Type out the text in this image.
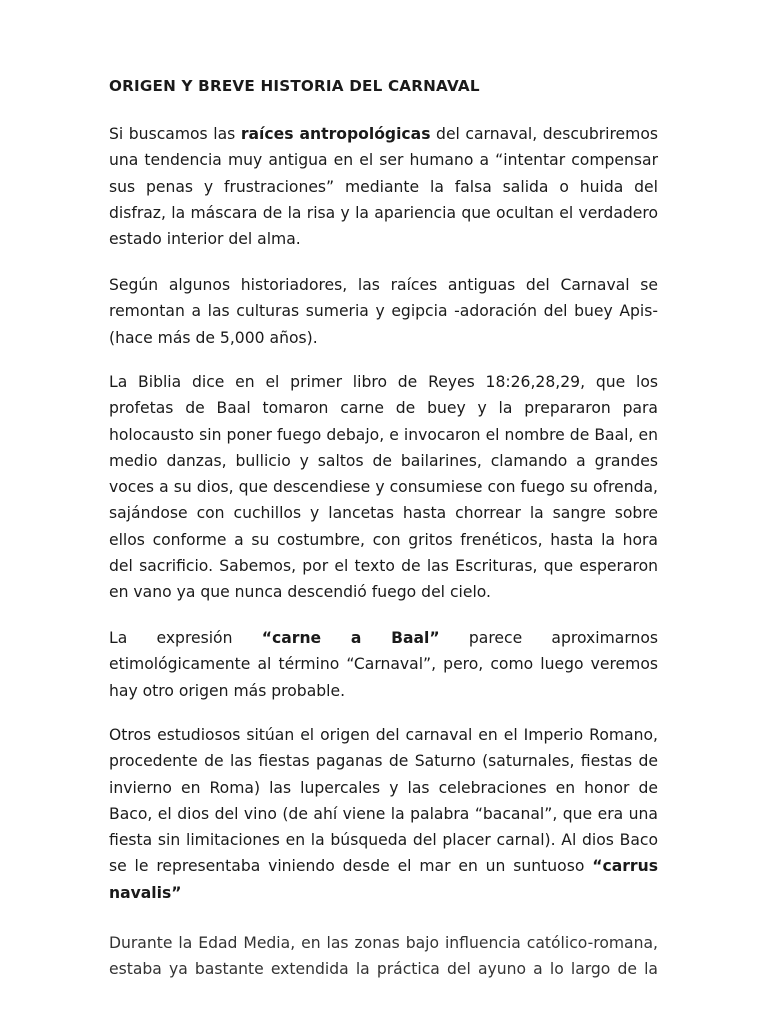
ORIGEN Y BREVE HISTORIA DEL CARNAVAL

Si buscamos las raíces antropológicas del carnaval, descubriremos una tendencia muy antigua en el ser humano a “intentar compensar sus penas y frustraciones” mediante la falsa salida o huida del disfraz, la máscara de la risa y la apariencia que ocultan el verdadero estado interior del alma.

Según algunos historiadores, las raíces antiguas del Carnaval se remontan a las culturas sumeria y egipcia -adoración del buey Apis- (hace más de 5,000 años).

La Biblia dice en el primer libro de Reyes 18:26,28,29, que los profetas de Baal tomaron carne de buey y la prepararon para holocausto sin poner fuego debajo, e invocaron el nombre de Baal, en medio danzas, bullicio y saltos de bailarines, clamando a grandes voces a su dios, que descendiese y consumiese con fuego su ofrenda, sajándose con cuchillos y lancetas hasta chorrear la sangre sobre ellos conforme a su costumbre, con gritos frenéticos, hasta la hora del sacrificio. Sabemos, por el texto de las Escrituras, que esperaron en vano ya que nunca descendió fuego del cielo.

La expresión “carne a Baal” parece aproximarnos etimológicamente al término “Carnaval”, pero, como luego veremos hay otro origen más probable.

Otros estudiosos sitúan el origen del carnaval en el Imperio Romano, procedente de las fiestas paganas de Saturno (saturnales, fiestas de invierno en Roma) las lupercales y las celebraciones en honor de Baco, el dios del vino (de ahí viene la palabra “bacanal”, que era una fiesta sin limitaciones en la búsqueda del placer carnal). Al dios Baco se le representaba viniendo desde el mar en un suntuoso “carrus navalis”

Durante la Edad Media, en las zonas bajo influencia católico-romana, estaba ya bastante extendida la práctica del ayuno a lo largo de la
